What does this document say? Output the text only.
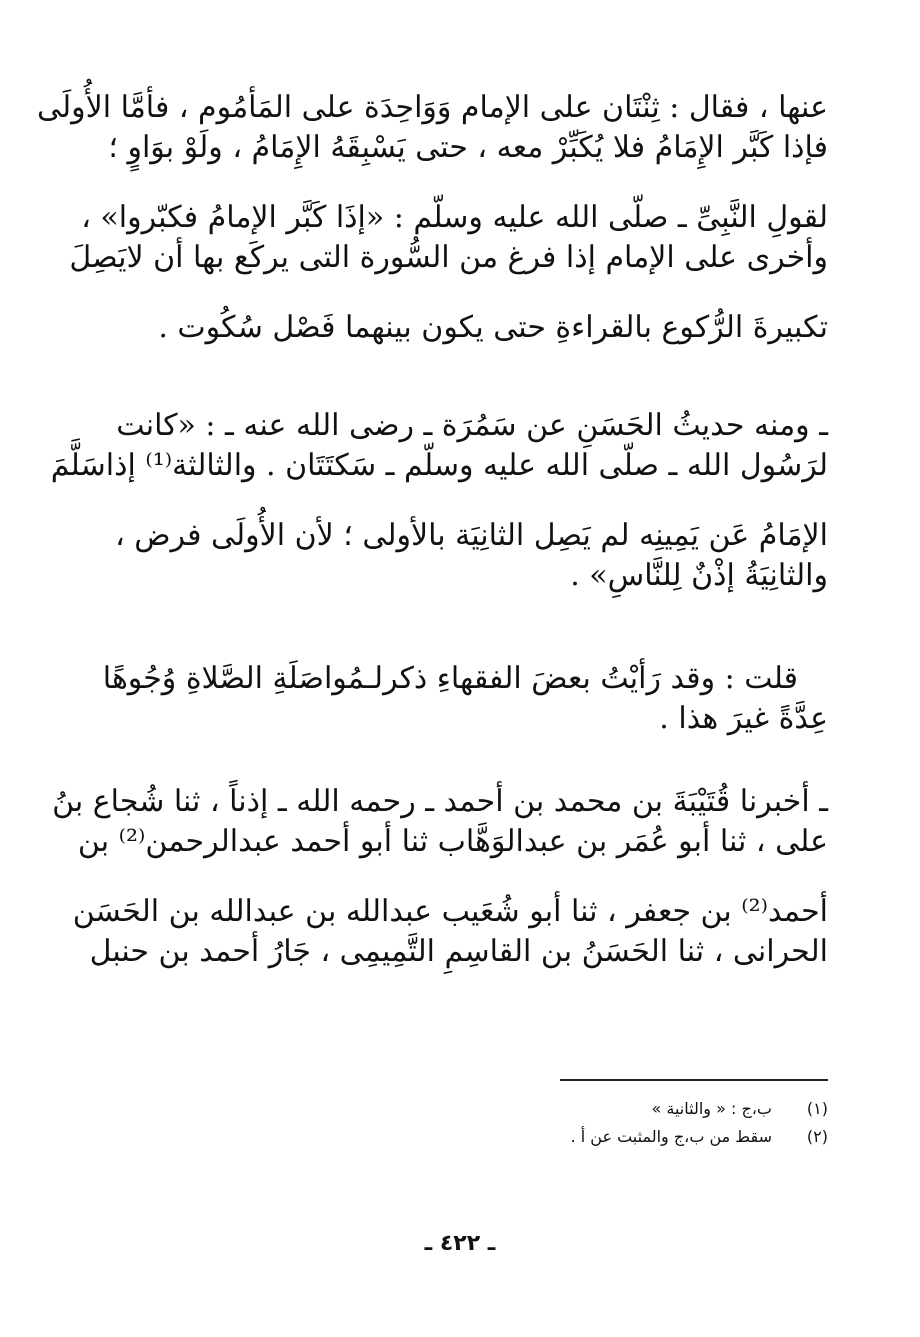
عنها ، فقال : ثِنْتَان على الإمام وَوَاحِدَة على المَأمُوم ، فأمَّا الأُولَى
فإذا كَبَّر الإِمَامُ فلا يُكَبِّرْ معه ، حتى يَسْبِقَهُ الإِمَامُ ، ولَوْ بوَاوٍ ؛
لقولِ النَّبِىِّ ـ صلّى الله عليه وسلّم : «إذَا كَبَّر الإمامُ فكبّروا» ،
وأخرى على الإمام إذا فرغ من السُّورة التى يركَع بها أن لايَصِلَ
تكبيرةَ الرُّكوع بالقراءةِ حتى يكون بينهما فَصْل سُكُوت .
ـ ومنه حديثُ الحَسَنِ عن سَمُرَة ـ رضى الله عنه ـ : «كانت
لرَسُول الله ـ صلّى الله عليه وسلّم ـ سَكتَتَان . والثالثة⁽¹⁾ إذاسَلَّمَ
الإمَامُ عَن يَمِينِه لم يَصِل الثانِيَة بالأولى ؛ لأن الأُولَى فرض ،
والثانِيَةُ إذْنٌ لِلنَّاسِ» .
قلت : وقد رَأيْتُ بعضَ الفقهاءِ ذكرلـمُواصَلَةِ الصَّلاةِ وُجُوهًا
عِدَّةً غيرَ هذا .
ـ أخبرنا قُتَيْبَةَ بن محمد بن أحمد ـ رحمه الله ـ إذناً ، ثنا شُجاع بنُ
على ، ثنا أبو عُمَر بن عبدالوَهَّاب ثنا أبو أحمد عبدالرحمن⁽²⁾ بن
أحمد⁽²⁾ بن جعفر ، ثنا أبو شُعَيب عبدالله بن عبدالله بن الحَسَن
الحرانى ، ثنا الحَسَنُ بن القاسِمِ التَّمِيمِى ، جَارُ أحمد بن حنبل
(١)
ب،ج : « والثانية »
(٢)
سقط من ب،ج والمثبت عن أ .
ـ ٤٢٢ ـ
